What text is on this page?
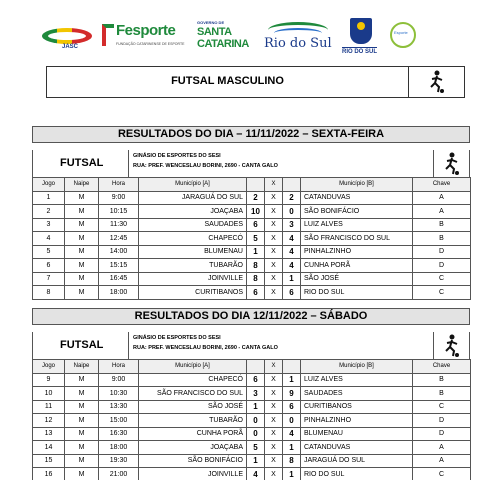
JASC
Fesporte
FUNDAÇÃO CATARINENSE DE ESPORTE
GOVERNO DE
SANTA
CATARINA Rio do Sul
RIO DO SUL
Esporte
FUTSAL MASCULINO
RESULTADOS DO DIA – 11/11/2022 – SEXTA-FEIRA
FUTSAL
GINÁSIO DE ESPORTES DO SESI
RUA: PREF. WENCESLAU BORINI, 2690 - CANTA GALO
Jogo	Naipe	Hora	Município [A]		X		Município [B]	Chave
1	M	9:00	JARAGUÁ DO SUL	2	X	2	CATANDUVAS	A
2	M	10:15	JOAÇABA	10	X	0	SÃO BONIFÁCIO	A
3	M	11:30	SAUDADES	6	X	3	LUIZ ALVES	B
4	M	12:45	CHAPECÓ	5	X	4	SÃO FRANCISCO DO SUL	B
5	M	14:00	BLUMENAU	1	X	4	PINHALZINHO	D
6	M	15:15	TUBARÃO	8	X	4	CUNHA PORÃ	D
7	M	16:45	JOINVILLE	8	X	1	SÃO JOSÉ	C
8	M	18:00	CURITIBANOS	6	X	6	RIO DO SUL	C
RESULTADOS DO DIA 12/11/2022 – SÁBADO
FUTSAL
GINÁSIO DE ESPORTES DO SESI
RUA: PREF. WENCESLAU BORINI, 2690 - CANTA GALO
Jogo	Naipe	Hora	Município [A]		X		Município [B]	Chave
9	M	9:00	CHAPECÓ	6	X	1	LUIZ ALVES	B
10	M	10:30	SÃO FRANCISCO DO SUL	3	X	9	SAUDADES	B
11	M	13:30	SÃO JOSÉ	1	X	6	CURITIBANOS	C
12	M	15:00	TUBARÃO	0	X	0	PINHALZINHO	D
13	M	16:30	CUNHA PORÃ	0	X	4	BLUMENAU	D
14	M	18:00	JOAÇABA	5	X	1	CATANDUVAS	A
15	M	19:30	SÃO BONIFÁCIO	1	X	8	JARAGUÁ DO SUL	A
16	M	21:00	JOINVILLE	4	X	1	RIO DO SUL	C
